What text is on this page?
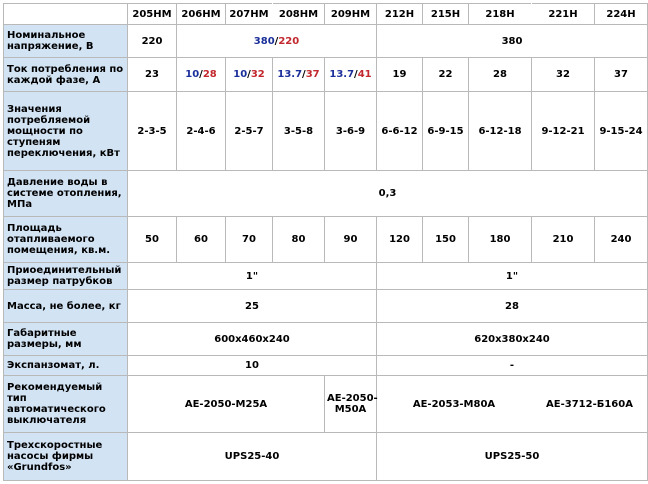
	205HM	206HM	207HM	208HM	209HM	212H	215H	218H	221H	224H
Номинальное напряжение, В	220	380/220				380				
Ток потребления по каждой фазе, А	23	10/28	10/32	13.7/37	13.7/41	19	22	28	32	37
Значения потребляемой мощности по ступеням переключения, кВт	2-3-5	2-4-6	2-5-7	3-5-8	3-6-9	6-6-12	6-9-15	6-12-18	9-12-21	9-15-24
Давление воды в системе отопления, МПа	0,3									
Площадь отапливаемого помещения, кв.м.	50	60	70	80	90	120	150	180	210	240
Приоединительный размер патрубков	1"					1"				
Масса, не более, кг	25					28				
Габаритные размеры, мм	600х460х240					620х380х240				
Экспанзомат, л.	10					-				
Рекомендуемый тип автоматического выключателя	АЕ-2050-М25А				АЕ-2050-М50А	АЕ-2053-М80А			АЕ-3712-Б160А	
Трехскоростные насосы фирмы «Grundfos»	UPS25-40					UPS25-50				
